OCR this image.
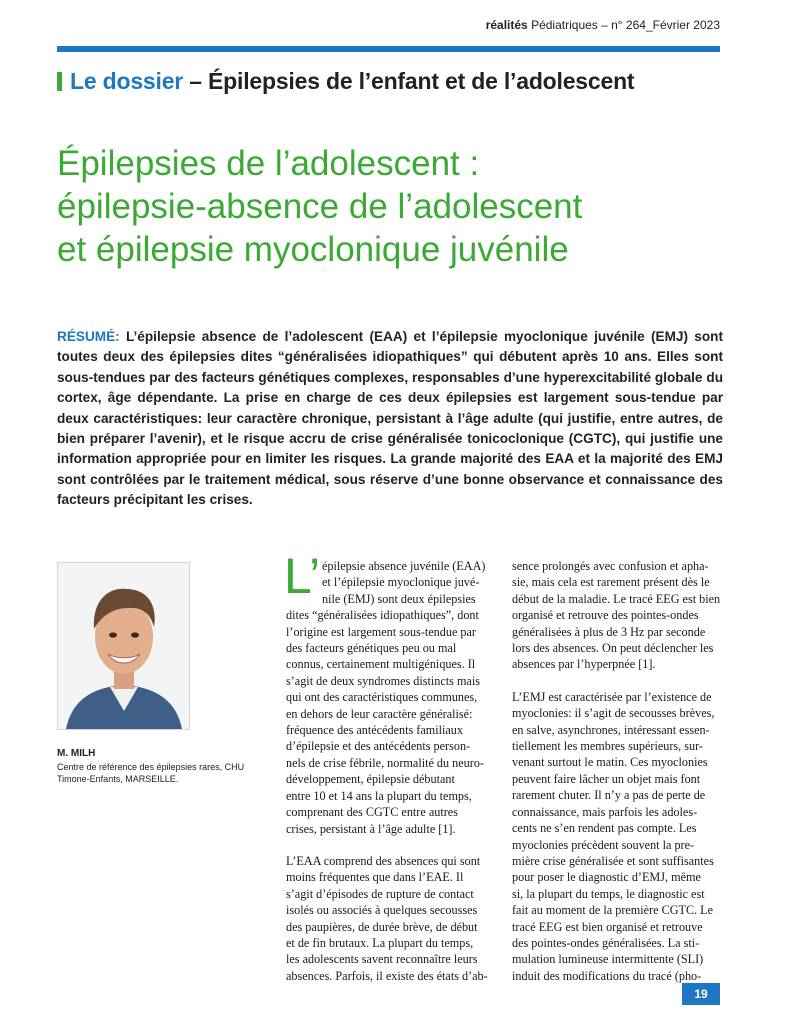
réalités Pédiatriques – n° 264_Février 2023
Le dossier – Épilepsies de l’enfant et de l’adolescent
Épilepsies de l’adolescent :
épilepsie-absence de l’adolescent
et épilepsie myoclonique juvénile
RÉSUMÉ: L’épilepsie absence de l’adolescent (EAA) et l’épilepsie myoclonique juvénile (EMJ) sont toutes deux des épilepsies dites “généralisées idiopathiques” qui débutent après 10 ans. Elles sont sous-tendues par des facteurs génétiques complexes, responsables d’une hyperexcitabilité globale du cortex, âge dépendante. La prise en charge de ces deux épilepsies est largement sous-tendue par deux caractéristiques: leur caractère chronique, persistant à l’âge adulte (qui justifie, entre autres, de bien préparer l’avenir), et le risque accru de crise généralisée tonicoclonique (CGTC), qui justifie une information appropriée pour en limiter les risques. La grande majorité des EAA et la majorité des EMJ sont contrôlées par le traitement médical, sous réserve d’une bonne observance et connaissance des facteurs précipitant les crises.
M. MILH
Centre de référence des épilepsies rares, CHU Timone-Enfants, MARSEILLE.
L’ épilepsie absence juvénile (EAA)
et l’épilepsie myoclonique juvé-
nile (EMJ) sont deux épilepsies
dites “généralisées idiopathiques”, dont
l’origine est largement sous-tendue par
des facteurs génétiques peu ou mal
connus, certainement multigéniques. Il
s’agit de deux syndromes distincts mais
qui ont des caractéristiques communes,
en dehors de leur caractère généralisé:
fréquence des antécédents familiaux
d’épilepsie et des antécédents person-
nels de crise fébrile, normalité du neuro-
développement, épilepsie débutant
entre 10 et 14 ans la plupart du temps,
comprenant des CGTC entre autres
crises, persistant à l’âge adulte [1].

L’EAA comprend des absences qui sont
moins fréquentes que dans l’EAE. Il
s’agit d’épisodes de rupture de contact
isolés ou associés à quelques secousses
des paupières, de durée brève, de début
et de fin brutaux. La plupart du temps,
les adolescents savent reconnaître leurs
absences. Parfois, il existe des états d’ab-

sence prolongés avec confusion et apha-
sie, mais cela est rarement présent dès le
début de la maladie. Le tracé EEG est bien
organisé et retrouve des pointes-ondes
généralisées à plus de 3 Hz par seconde
lors des absences. On peut déclencher les
absences par l’hyperpnée [1].

L’EMJ est caractérisée par l’existence de
myoclonies: il s’agit de secousses brèves,
en salve, asynchrones, intéressant essen-
tiellement les membres supérieurs, sur-
venant surtout le matin. Ces myoclonies
peuvent faire lâcher un objet mais font
rarement chuter. Il n’y a pas de perte de
connaissance, mais parfois les adoles-
cents ne s’en rendent pas compte. Les
myoclonies précèdent souvent la pre-
mière crise généralisée et sont suffisantes
pour poser le diagnostic d’EMJ, même
si, la plupart du temps, le diagnostic est
fait au moment de la première CGTC. Le
tracé EEG est bien organisé et retrouve
des pointes-ondes généralisées. La sti-
mulation lumineuse intermittente (SLI)
induit des modifications du tracé (pho-

19
